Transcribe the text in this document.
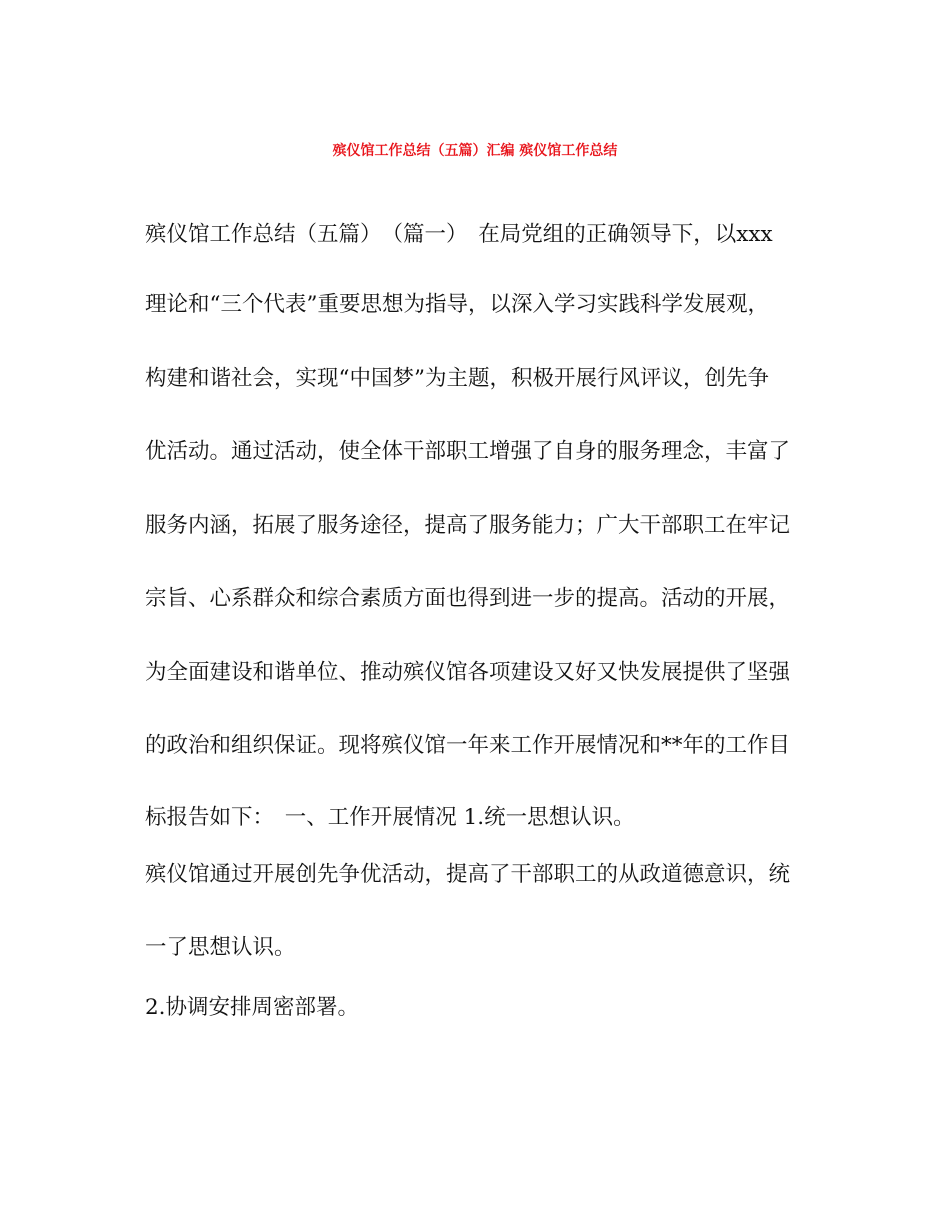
殡仪馆工作总结（五篇）汇编 殡仪馆工作总结
殡仪馆工作总结（五篇）　（篇一）　在局党组的正确领导下，以xxx
理论和“三个代表”重要思想为指导，以深入学习实践科学发展观，
构建和谐社会，实现“中国梦”为主题，积极开展行风评议，创先争
优活动。通过活动，使全体干部职工增强了自身的服务理念，丰富了
服务内涵，拓展了服务途径，提高了服务能力；广大干部职工在牢记
宗旨、心系群众和综合素质方面也得到进一步的提高。活动的开展，
为全面建设和谐单位、推动殡仪馆各项建设又好又快发展提供了坚强
的政治和组织保证。现将殡仪馆一年来工作开展情况和**年的工作目
标报告如下：　一、工作开展情况 1.统一思想认识。
殡仪馆通过开展创先争优活动，提高了干部职工的从政道德意识，统
一了思想认识。
2.协调安排周密部署。
